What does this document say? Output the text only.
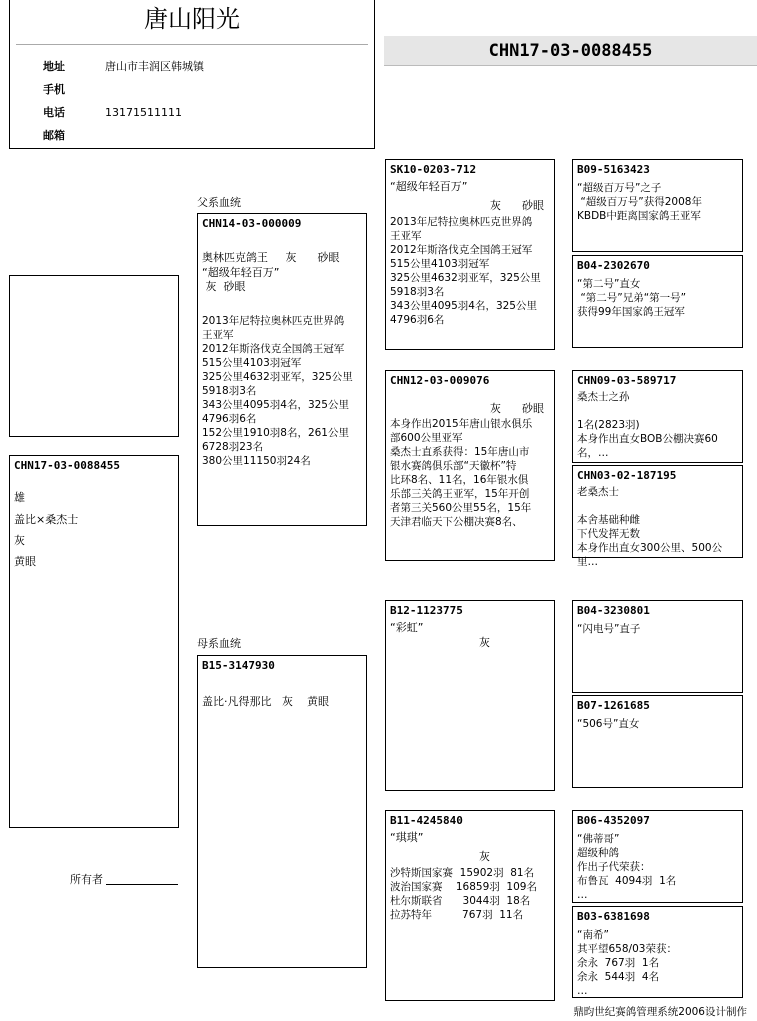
唐山阳光
地址	唐山市丰润区韩城镇
手机
电话	13171511111
邮箱
CHN17-03-0088455
CHN17-03-0088455
雄
盖比×桑杰士
灰
黄眼
所有者
父系血统
母系血统
CHN14-03-000009
奥林匹克鸽王     灰      砂眼
“超级年轻百万”
灰  砂眼
2013年尼特拉奥林匹克世界鸽
王亚军
2012年斯洛伐克全国鸽王冠军
515公里4103羽冠军
325公里4632羽亚军，325公里
5918羽3名
343公里4095羽4名，325公里
4796羽6名
152公里1910羽8名，261公里
6728羽23名
380公里11150羽24名
B15-3147930
盖比·凡得那比   灰    黄眼
SK10-0203-712
“超级年轻百万”
灰      砂眼
2013年尼特拉奥林匹克世界鸽
王亚军
2012年斯洛伐克全国鸽王冠军
515公里4103羽冠军
325公里4632羽亚军，325公里
5918羽3名
343公里4095羽4名，325公里
4796羽6名
CHN12-03-009076
灰      砂眼
本身作出2015年唐山银水俱乐
部600公里亚军
桑杰士直系获得：15年唐山市
银水赛鸽俱乐部“天徽杯”特
比环8名、11名，16年银水俱
乐部三关鸽王亚军，15年开创
者第三关560公里55名，15年
天津君临天下公棚决赛8名、
B12-1123775
“彩虹”
灰
B11-4245840
“琪琪”
灰
沙特斯国家赛  15902羽  81名
波治国家赛    16859羽  109名
杜尔斯联省      3044羽  18名
拉苏特年         767羽  11名
B09-5163423
“超级百万号”之子
“超级百万号”获得2008年
KBDB中距离国家鸽王亚军
B04-2302670
“第二号”直女
“第二号”兄弟“第一号”
获得99年国家鸽王冠军
CHN09-03-589717
桑杰士之孙

1名(2823羽)
本身作出直女BOB公棚决赛60
名，…
CHN03-02-187195
老桑杰士

本舍基础种雌
下代发挥无数
本身作出直女300公里、500公
里…
B04-3230801
“闪电号”直子
B07-1261685
“506号”直女
B06-4352097
“佛蒂哥”
超级种鸽
作出子代荣获：
布鲁瓦  4094羽  1名
…
B03-6381698
“南希”
其平望658/03荣获：
余永  767羽  1名
余永  544羽  4名
…
鼎昀世纪赛鸽管理系统2006设计制作
